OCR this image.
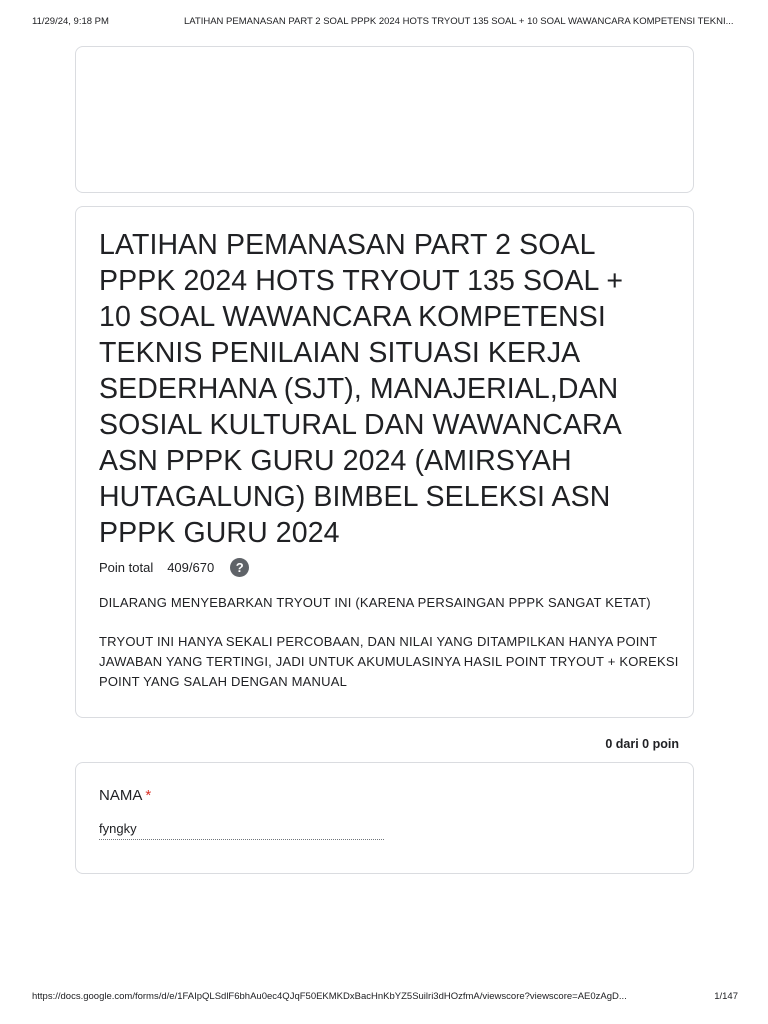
11/29/24, 9:18 PM	LATIHAN PEMANASAN PART 2 SOAL PPPK 2024 HOTS TRYOUT 135 SOAL + 10 SOAL WAWANCARA KOMPETENSI TEKNI...
LATIHAN PEMANASAN PART 2 SOAL PPPK 2024 HOTS TRYOUT 135 SOAL + 10 SOAL WAWANCARA KOMPETENSI TEKNIS PENILAIAN SITUASI KERJA SEDERHANA (SJT), MANAJERIAL,DAN SOSIAL KULTURAL DAN WAWANCARA ASN PPPK GURU 2024 (AMIRSYAH HUTAGALUNG) BIMBEL SELEKSI ASN PPPK GURU 2024
Poin total 409/670	?
DILARANG MENYEBARKAN TRYOUT INI (KARENA PERSAINGAN PPPK SANGAT KETAT)
TRYOUT INI HANYA SEKALI PERCOBAAN, DAN NILAI YANG DITAMPILKAN HANYA POINT JAWABAN YANG TERTINGI, JADI UNTUK AKUMULASINYA HASIL POINT TRYOUT + KOREKSI POINT YANG SALAH DENGAN MANUAL
0 dari 0 poin
NAMA *
fyngky
https://docs.google.com/forms/d/e/1FAIpQLSdlF6bhAu0ec4QJqF50EKMKDxBacHnKbYZ5Suilri3dHOzfmA/viewscore?viewscore=AE0zAgD...	1/147
